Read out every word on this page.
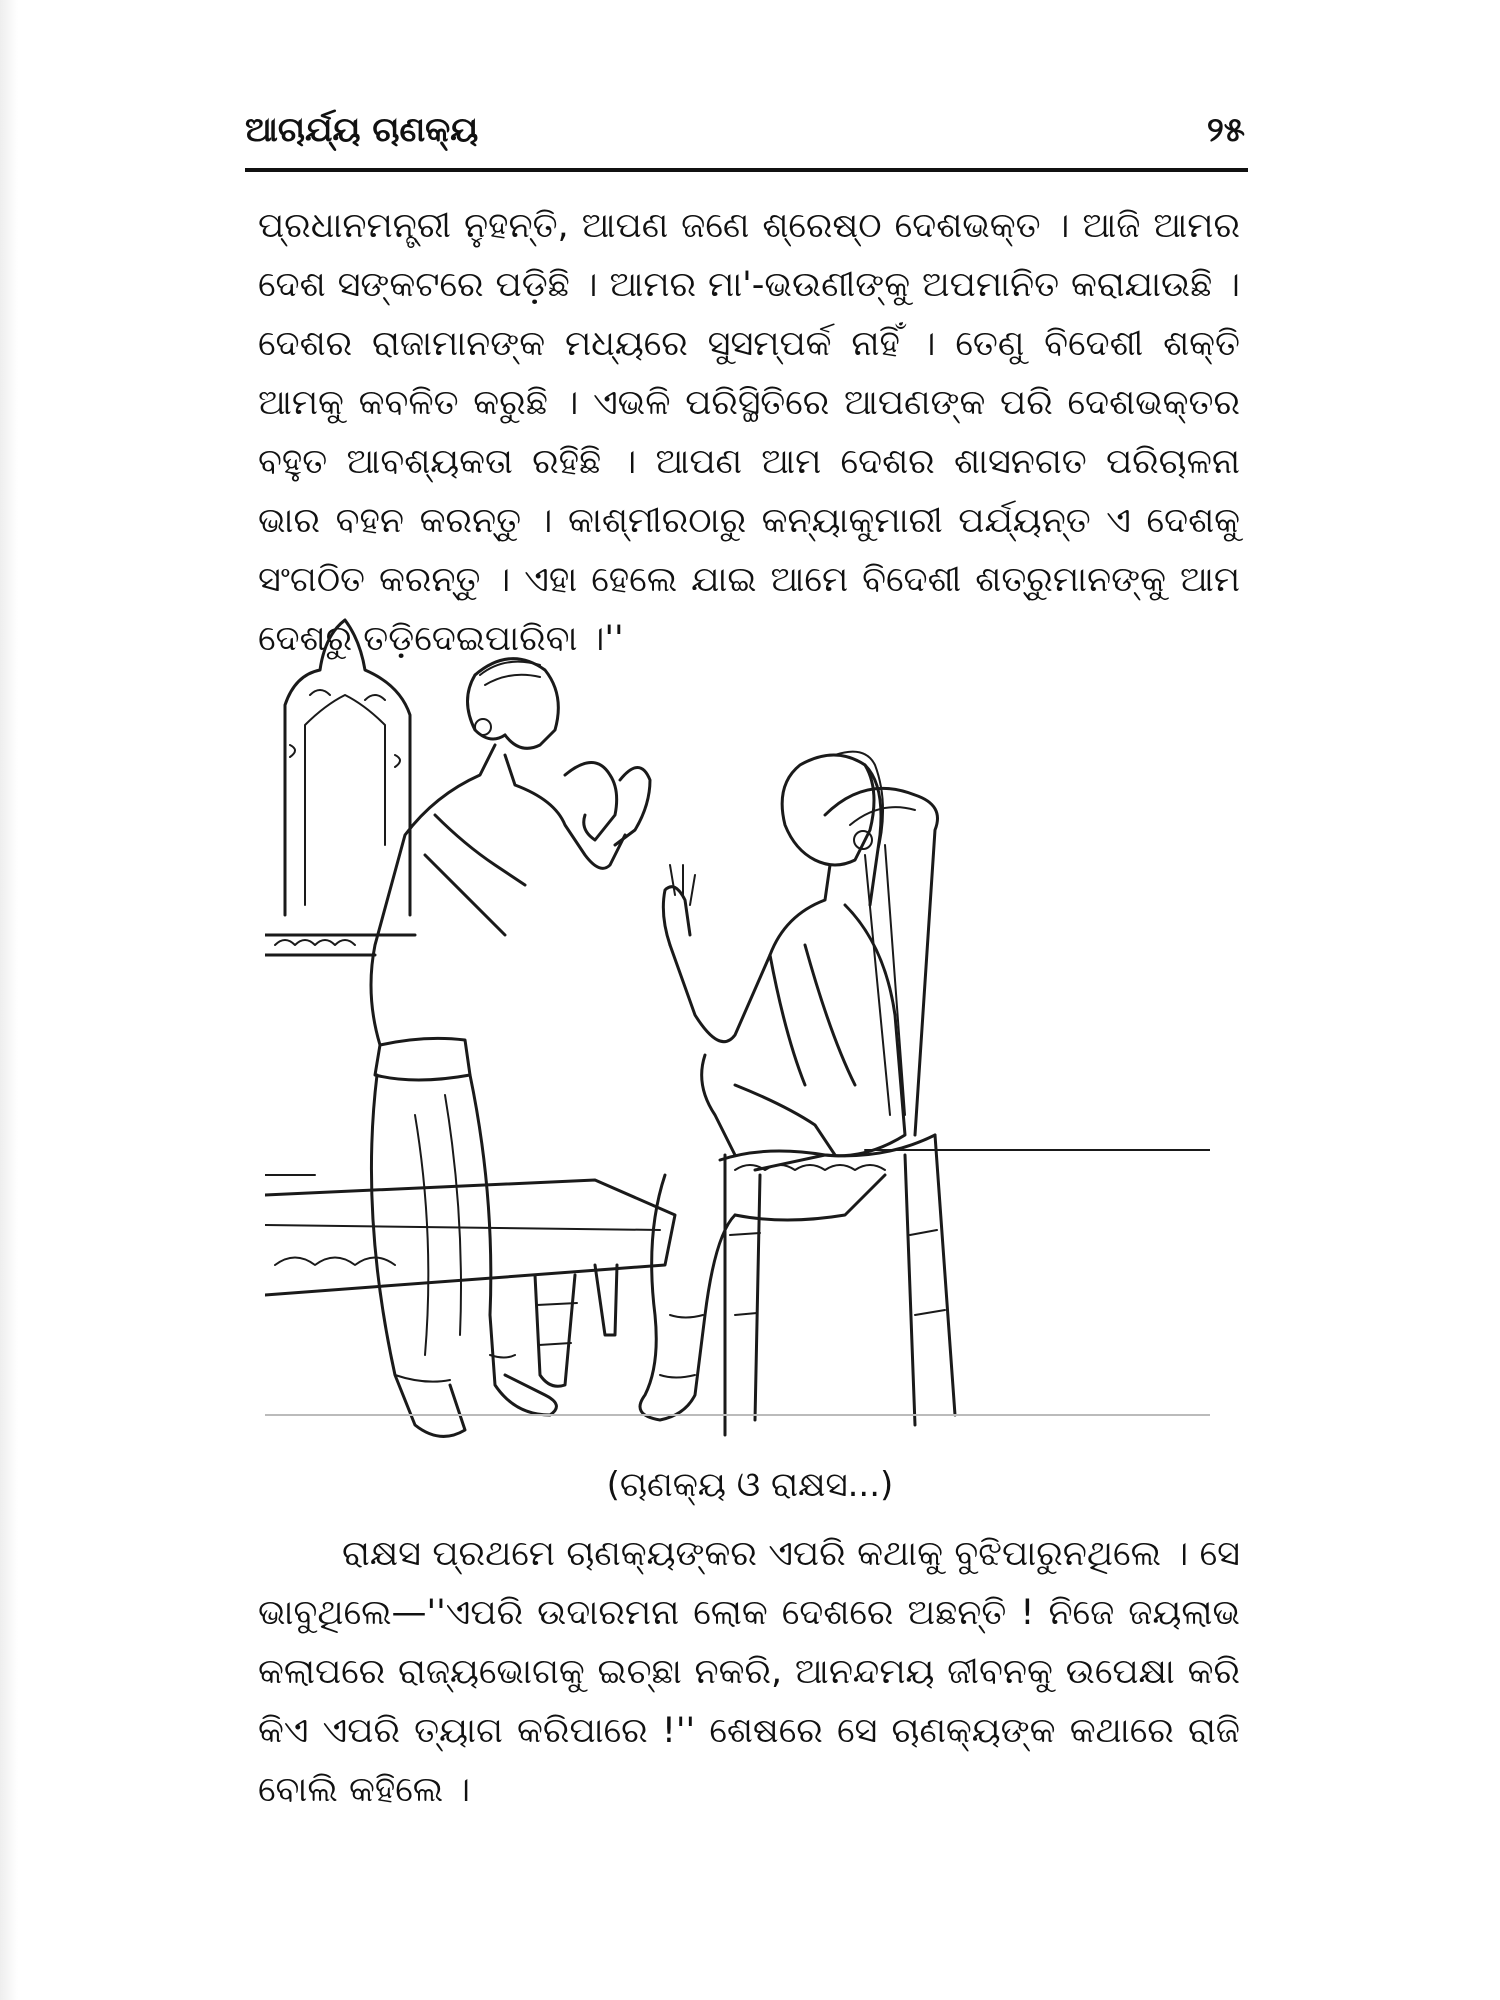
ଆଚାର୍ଯ୍ୟ ଚାଣକ୍ୟ	୨୫

ପ୍ରଧାନମନ୍ତ୍ରୀ ନୁହନ୍ତି, ଆପଣ ଜଣେ ଶ୍ରେଷ୍ଠ ଦେଶଭକ୍ତ । ଆଜି ଆମର ଦେଶ ସଙ୍କଟରେ ପଡ଼ିଛି । ଆମର ମା'-ଭଉଣୀଙ୍କୁ ଅପମାନିତ କରାଯାଉଛି । ଦେଶର ରାଜାମାନଙ୍କ ମଧ୍ୟରେ ସୁସମ୍ପର୍କ ନାହିଁ । ତେଣୁ ବିଦେଶୀ ଶକ୍ତି ଆମକୁ କବଳିତ କରୁଛି । ଏଭଳି ପରିସ୍ଥିତିରେ ଆପଣଙ୍କ ପରି ଦେଶଭକ୍ତର ବହୁତ ଆବଶ୍ୟକତା ରହିଛି । ଆପଣ ଆମ ଦେଶର ଶାସନଗତ ପରିଚାଳନା ଭାର ବହନ କରନ୍ତୁ । କାଶ୍ମୀରଠାରୁ କନ୍ୟାକୁମାରୀ ପର୍ଯ୍ୟନ୍ତ ଏ ଦେଶକୁ ସଂଗଠିତ କରନ୍ତୁ । ଏହା ହେଲେ ଯାଇ ଆମେ ବିଦେଶୀ ଶତ୍ରୁମାନଙ୍କୁ ଆମ ଦେଶରୁ ତଡ଼ିଦେଇପାରିବା ।''

(ଚାଣକ୍ୟ ଓ ରାକ୍ଷସ...)

ରାକ୍ଷସ ପ୍ରଥମେ ଚାଣକ୍ୟଙ୍କର ଏପରି କଥାକୁ ବୁଝିପାରୁନଥିଲେ । ସେ ଭାବୁଥିଲେ—''ଏପରି ଉଦାରମନା ଲୋକ ଦେଶରେ ଅଛନ୍ତି ! ନିଜେ ଜୟଲାଭ କଲାପରେ ରାଜ୍ୟଭୋଗକୁ ଇଚ୍ଛା ନକରି, ଆନନ୍ଦମୟ ଜୀବନକୁ ଉପେକ୍ଷା କରି କିଏ ଏପରି ତ୍ୟାଗ କରିପାରେ !'' ଶେଷରେ ସେ ଚାଣକ୍ୟଙ୍କ କଥାରେ ରାଜି ବୋଲି କହିଲେ ।
